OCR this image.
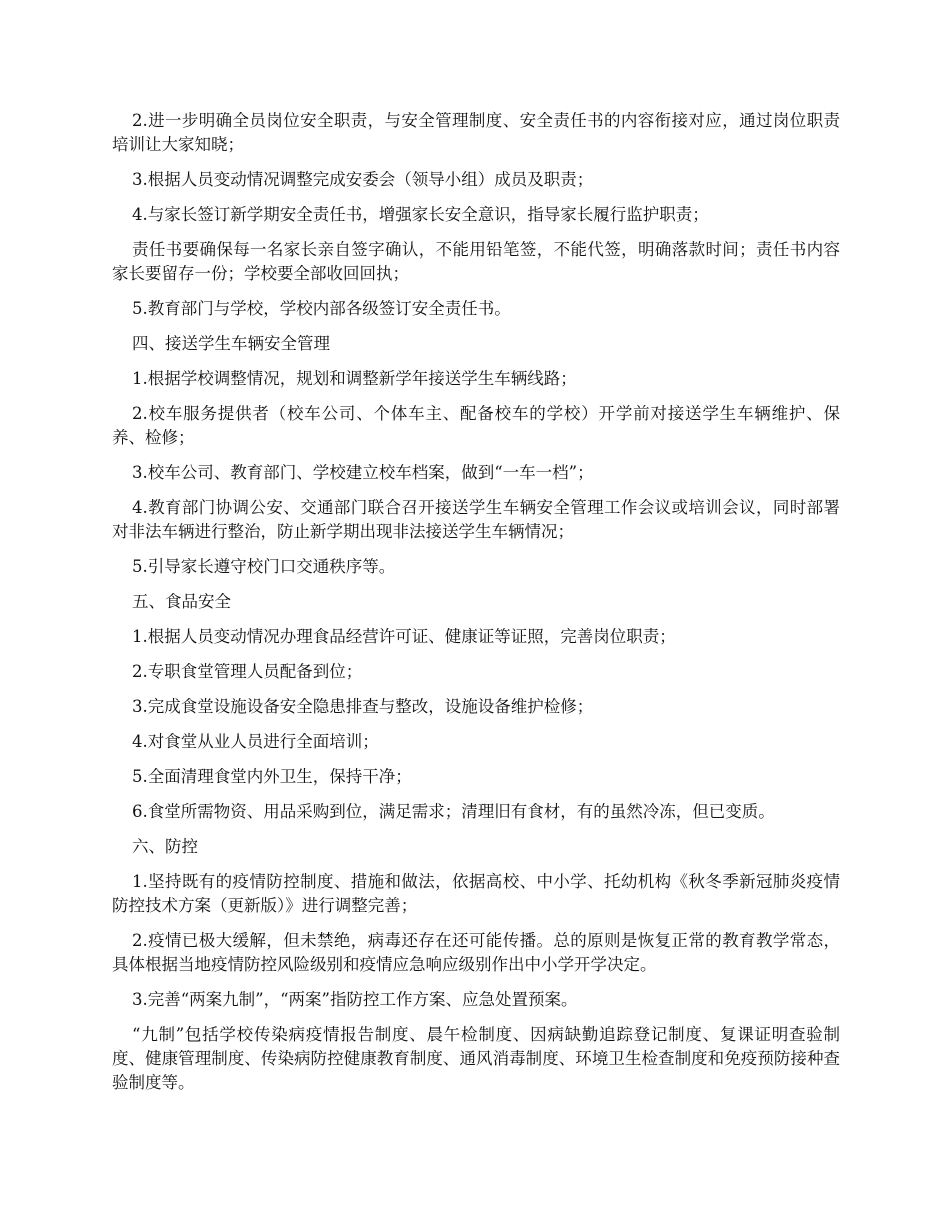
2.进一步明确全员岗位安全职责，与安全管理制度、安全责任书的内容衔接对应，通过岗位职责培训让大家知晓；

3.根据人员变动情况调整完成安委会（领导小组）成员及职责；

4.与家长签订新学期安全责任书，增强家长安全意识，指导家长履行监护职责；

责任书要确保每一名家长亲自签字确认，不能用铅笔签，不能代签，明确落款时间；责任书内容家长要留存一份；学校要全部收回回执；

5.教育部门与学校，学校内部各级签订安全责任书。

四、接送学生车辆安全管理

1.根据学校调整情况，规划和调整新学年接送学生车辆线路；

2.校车服务提供者（校车公司、个体车主、配备校车的学校）开学前对接送学生车辆维护、保养、检修；

3.校车公司、教育部门、学校建立校车档案，做到“一车一档”；

4.教育部门协调公安、交通部门联合召开接送学生车辆安全管理工作会议或培训会议，同时部署对非法车辆进行整治，防止新学期出现非法接送学生车辆情况；

5.引导家长遵守校门口交通秩序等。

五、食品安全

1.根据人员变动情况办理食品经营许可证、健康证等证照，完善岗位职责；

2.专职食堂管理人员配备到位；

3.完成食堂设施设备安全隐患排查与整改，设施设备维护检修；

4.对食堂从业人员进行全面培训；

5.全面清理食堂内外卫生，保持干净；

6.食堂所需物资、用品采购到位，满足需求；清理旧有食材，有的虽然冷冻，但已变质。

六、防控

1.坚持既有的疫情防控制度、措施和做法，依据高校、中小学、托幼机构《秋冬季新冠肺炎疫情防控技术方案（更新版）》进行调整完善；

2.疫情已极大缓解，但未禁绝，病毒还存在还可能传播。总的原则是恢复正常的教育教学常态，具体根据当地疫情防控风险级别和疫情应急响应级别作出中小学开学决定。

3.完善“两案九制”，“两案”指防控工作方案、应急处置预案。

“九制”包括学校传染病疫情报告制度、晨午检制度、因病缺勤追踪登记制度、复课证明查验制度、健康管理制度、传染病防控健康教育制度、通风消毒制度、环境卫生检查制度和免疫预防接种查验制度等。
